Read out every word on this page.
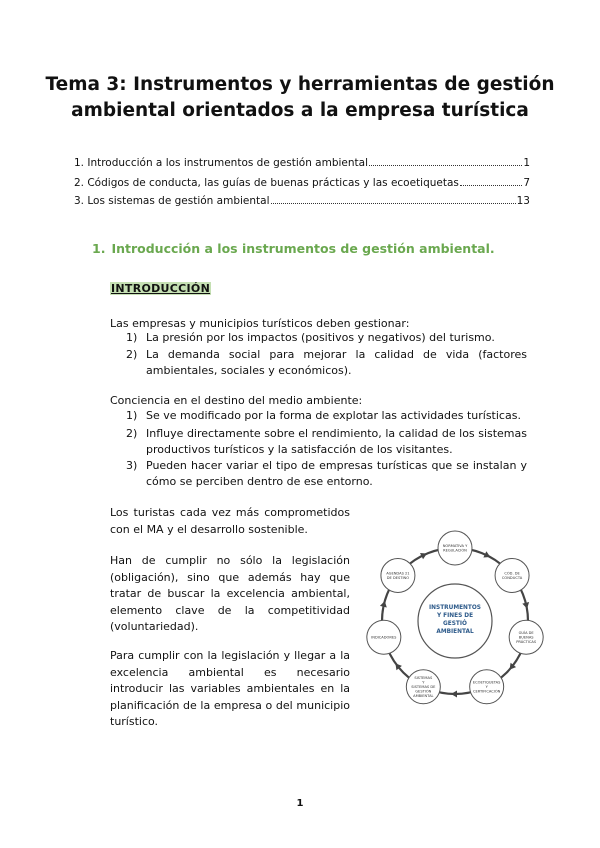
Tema 3: Instrumentos y herramientas de gestión
ambiental orientados a la empresa turística
1. Introducción a los instrumentos de gestión ambiental	1
2. Códigos de conducta, las guías de buenas prácticas y las ecoetiquetas	7
3. Los sistemas de gestión ambiental	13
1. Introducción a los instrumentos de gestión ambiental.
INTRODUCCIÓN
Las empresas y municipios turísticos deben gestionar:
1) La presión por los impactos (positivos y negativos) del turismo.
2) La demanda social para mejorar la calidad de vida (factores ambientales, sociales y económicos).
Conciencia en el destino del medio ambiente:
1) Se ve modificado por la forma de explotar las actividades turísticas.
2) Influye directamente sobre el rendimiento, la calidad de los sistemas productivos turísticos y la satisfacción de los visitantes.
3) Pueden hacer variar el tipo de empresas turísticas que se instalan y cómo se perciben dentro de ese entorno.
Los turistas cada vez más comprometidos con el MA y el desarrollo sostenible.
Han de cumplir no sólo la legislación (obligación), sino que además hay que tratar de buscar la excelencia ambiental, elemento clave de la competitividad (voluntariedad).
Para cumplir con la legislación y llegar a la excelencia ambiental es necesario introducir las variables ambientales en la planificación de la empresa o del municipio turístico.
INSTRUMENTOS
Y FINES DE
GESTIÓ
AMBIENTAL
NORMATIVA Y
REGULACIÓN
CÓD. DE
CONDUCTA
GUÍA DE
BUENAS
PRÁCTICAS
ECOETIQUETAS
Y
CERTIFICACIÓN
SISTEMAS
Y
SISTEMAS DE
GESTIÓN
AMBIENTAL
INDICADORES
AGENDAS 21
DE DESTINO
1
